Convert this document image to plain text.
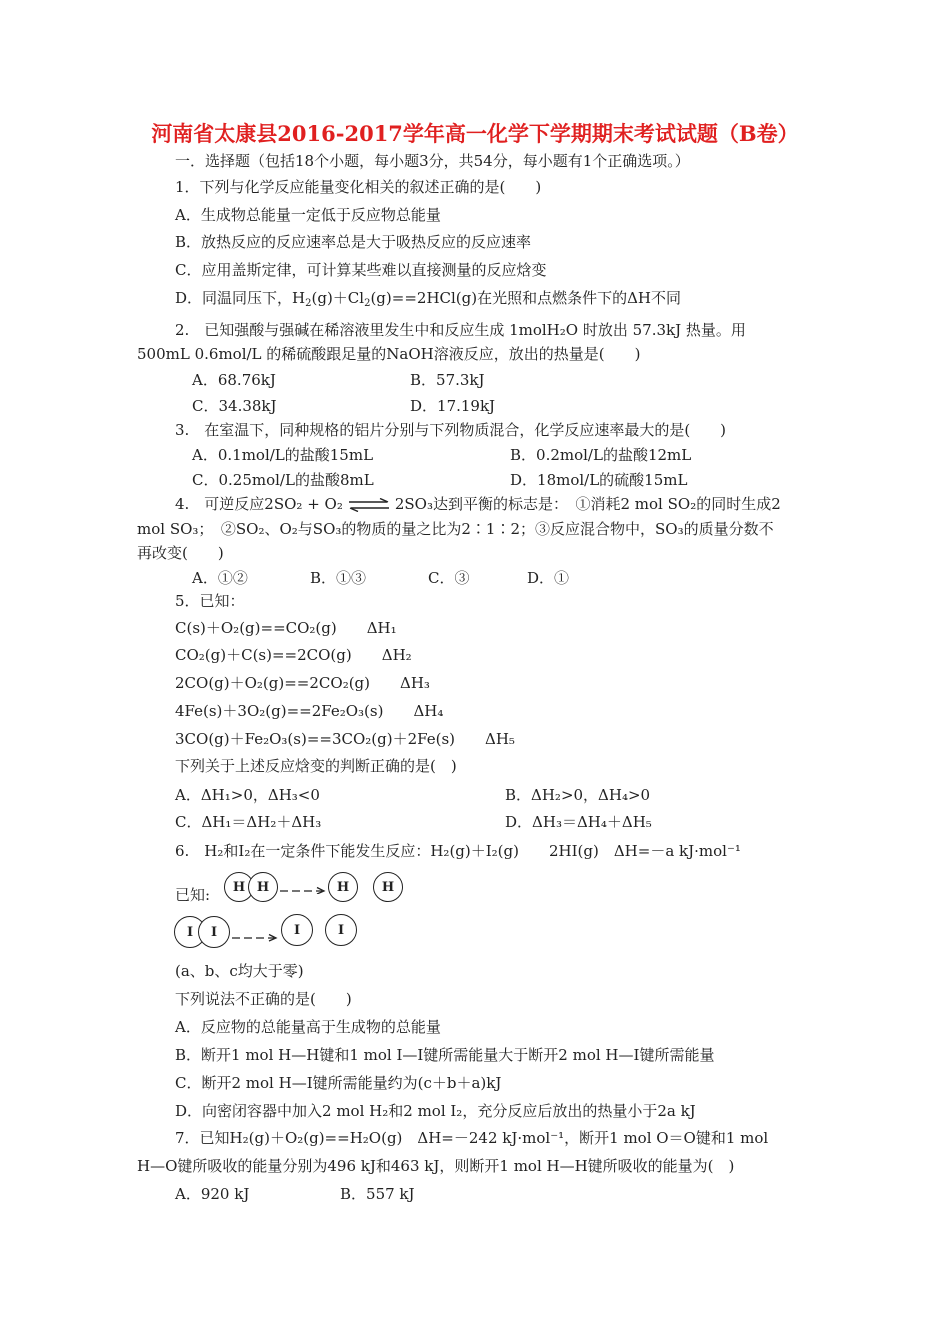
河南省太康县2016-2017学年高一化学下学期期末考试试题（B卷）
一．选择题（包括18个小题，每小题3分，共54分，每小题有1个正确选项。）
1．下列与化学反应能量变化相关的叙述正确的是(　　)
A．生成物总能量一定低于反应物总能量
B．放热反应的反应速率总是大于吸热反应的反应速率
C．应用盖斯定律，可计算某些难以直接测量的反应焓变
D．同温同压下，$H_2(g)+Cl_2(g)==2HCl(g)$在光照和点燃条件下的ΔH不同
2.　已知强酸与强碱在稀溶液里发生中和反应生成 1molH₂O 时放出 57.3kJ 热量。用
500mL 0.6mol/L 的稀硫酸跟足量的NaOH溶液反应，放出的热量是(　　)
A．68.76kJ	B．57.3kJ
C．34.38kJ	D．17.19kJ
3.　在室温下，同种规格的铝片分别与下列物质混合，化学反应速率最大的是(　　)
A．0.1mol/L的盐酸15mL	B．0.2mol/L的盐酸12mL
C．0.25mol/L的盐酸8mL	D．18mol/L的硫酸15mL
4.　可逆反应2SO₂ + O₂ ⇌ 2SO₃达到平衡的标志是：　①消耗2 mol SO₂的同时生成2
mol SO₃；　②SO₂、O₂与SO₃的物质的量之比为2∶1∶2；③反应混合物中，SO₃的质量分数不
再改变(　　)
A．①②	B．①③	C．③	D．①
5．已知：
C(s)＋O₂(g)==CO₂(g)　　ΔH₁
CO₂(g)＋C(s)==2CO(g)　　ΔH₂
2CO(g)＋O₂(g)==2CO₂(g)　　ΔH₃
4Fe(s)＋3O₂(g)==2Fe₂O₃(s)　　ΔH₄
3CO(g)＋Fe₂O₃(s)==3CO₂(g)＋2Fe(s)　　ΔH₅
下列关于上述反应焓变的判断正确的是(　)
A．ΔH₁>0，ΔH₃<0	B．ΔH₂>0，ΔH₄>0
C．ΔH₁＝ΔH₂＋ΔH₃	D．ΔH₃＝ΔH₄＋ΔH₅
6.　H₂和I₂在一定条件下能发生反应：H₂(g)＋I₂(g)　　2HI(g)　ΔH=－a kJ·mol⁻¹
已知:	H H	H	H
I	I	I	I
(a、b、c均大于零)
下列说法不正确的是(　　)
A．反应物的总能量高于生成物的总能量
B．断开1 mol H—H键和1 mol I—I键所需能量大于断开2 mol H—I键所需能量
C．断开2 mol H—I键所需能量约为(c＋b＋a)kJ
D．向密闭容器中加入2 mol H₂和2 mol I₂，充分反应后放出的热量小于2a kJ
7．已知H₂(g)＋O₂(g)==H₂O(g)　ΔH=－242 kJ·mol⁻¹，断开1 mol O＝O键和1 mol
H—O键所吸收的能量分别为496 kJ和463 kJ，则断开1 mol H—H键所吸收的能量为(　)
A．920 kJ	B．557 kJ
